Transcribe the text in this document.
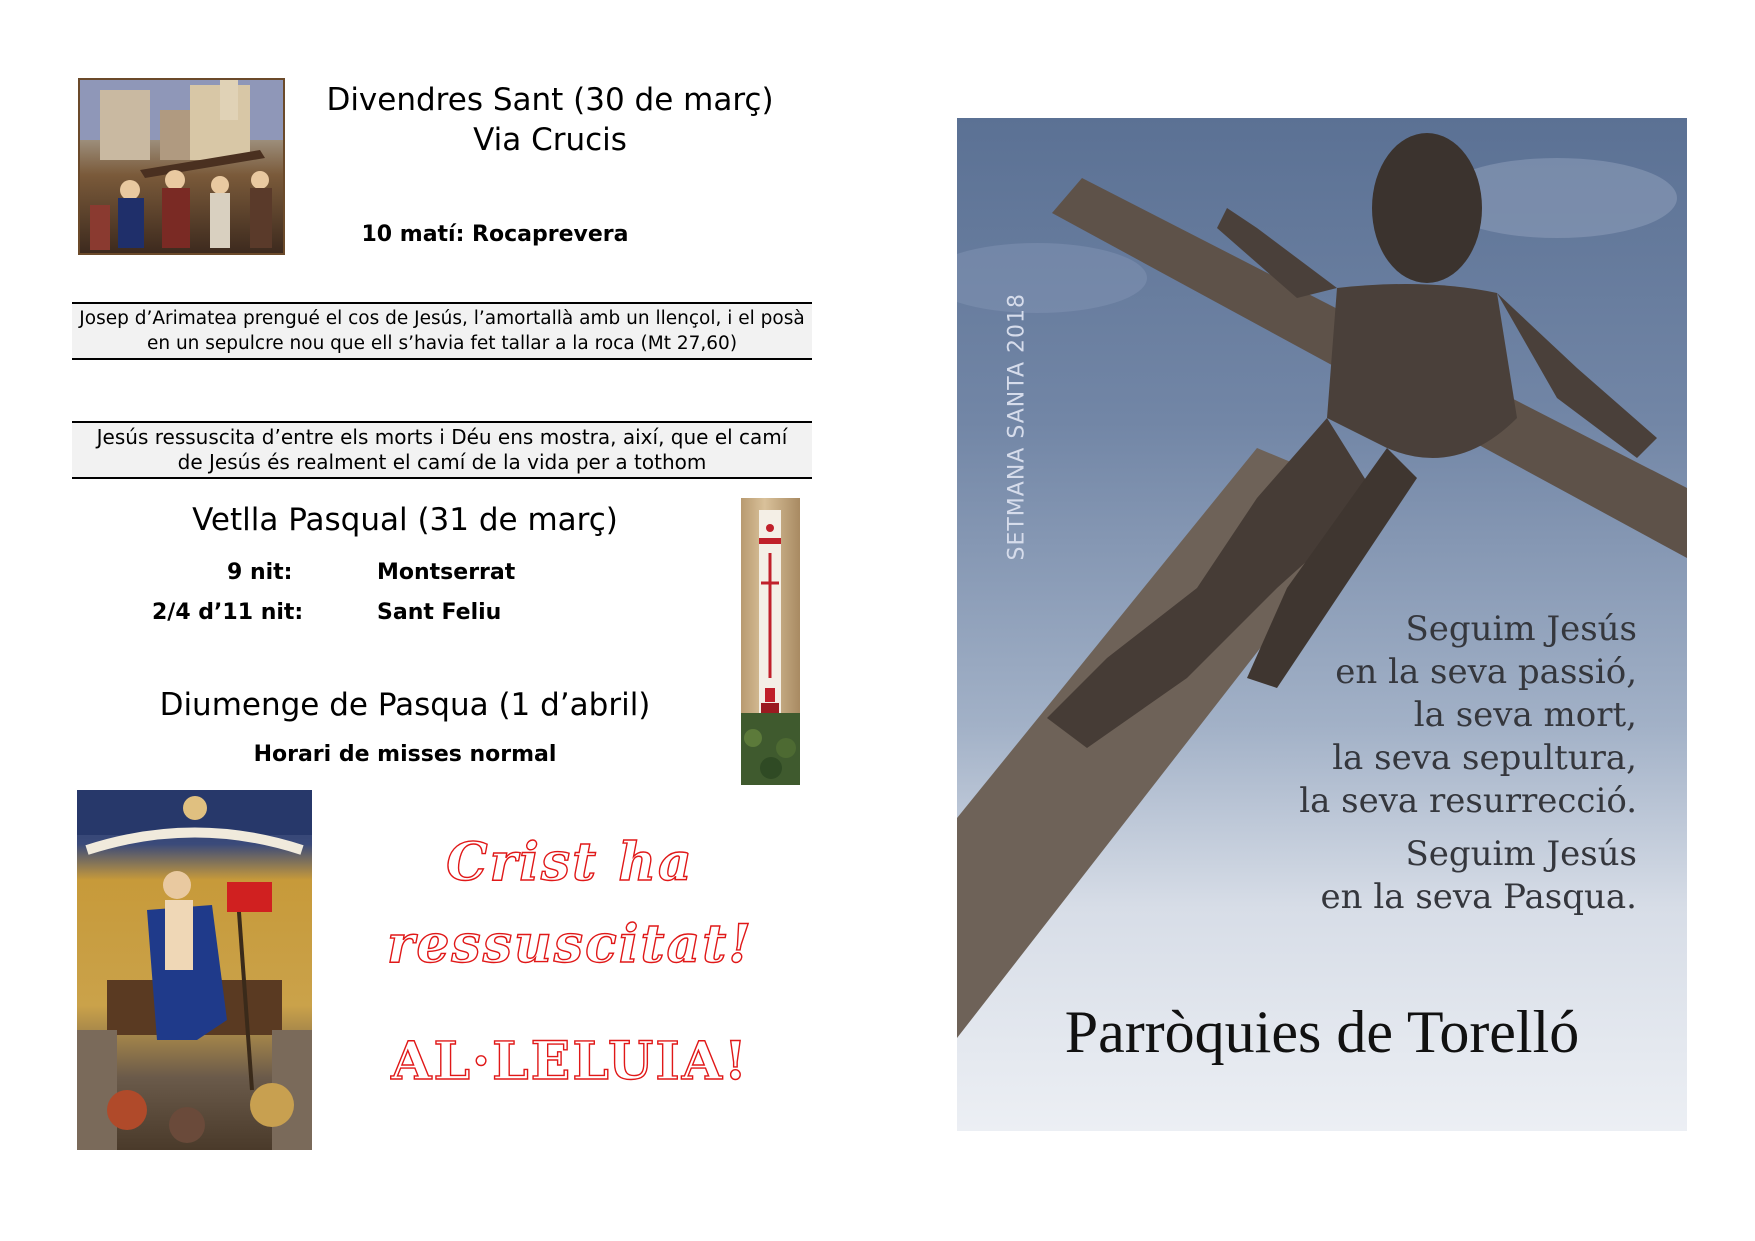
Divendres Sant (30 de març)
Via Crucis
10 matí: Rocaprevera
Josep d’Arimatea prengué el cos de Jesús, l’amortallà amb un llençol, i el posà
en un sepulcre nou que ell s’havia fet tallar a la roca (Mt 27,60)
Jesús ressuscita d’entre els morts i Déu ens mostra, així, que el camí
de Jesús és realment el camí de la vida per a tothom
Vetlla Pasqual (31 de març)
9 nit:	Montserrat
2/4 d’11 nit:	Sant Feliu
Diumenge de Pasqua (1 d’abril)
Horari de misses normal
Crist ha
ressuscitat!
AL·LELUIA!
SETMANA SANTA 2018
Seguim Jesús
en la seva passió,
la seva mort,
la seva sepultura,
la seva resurrecció.
Seguim Jesús
en la seva Pasqua.
Parròquies de Torelló
